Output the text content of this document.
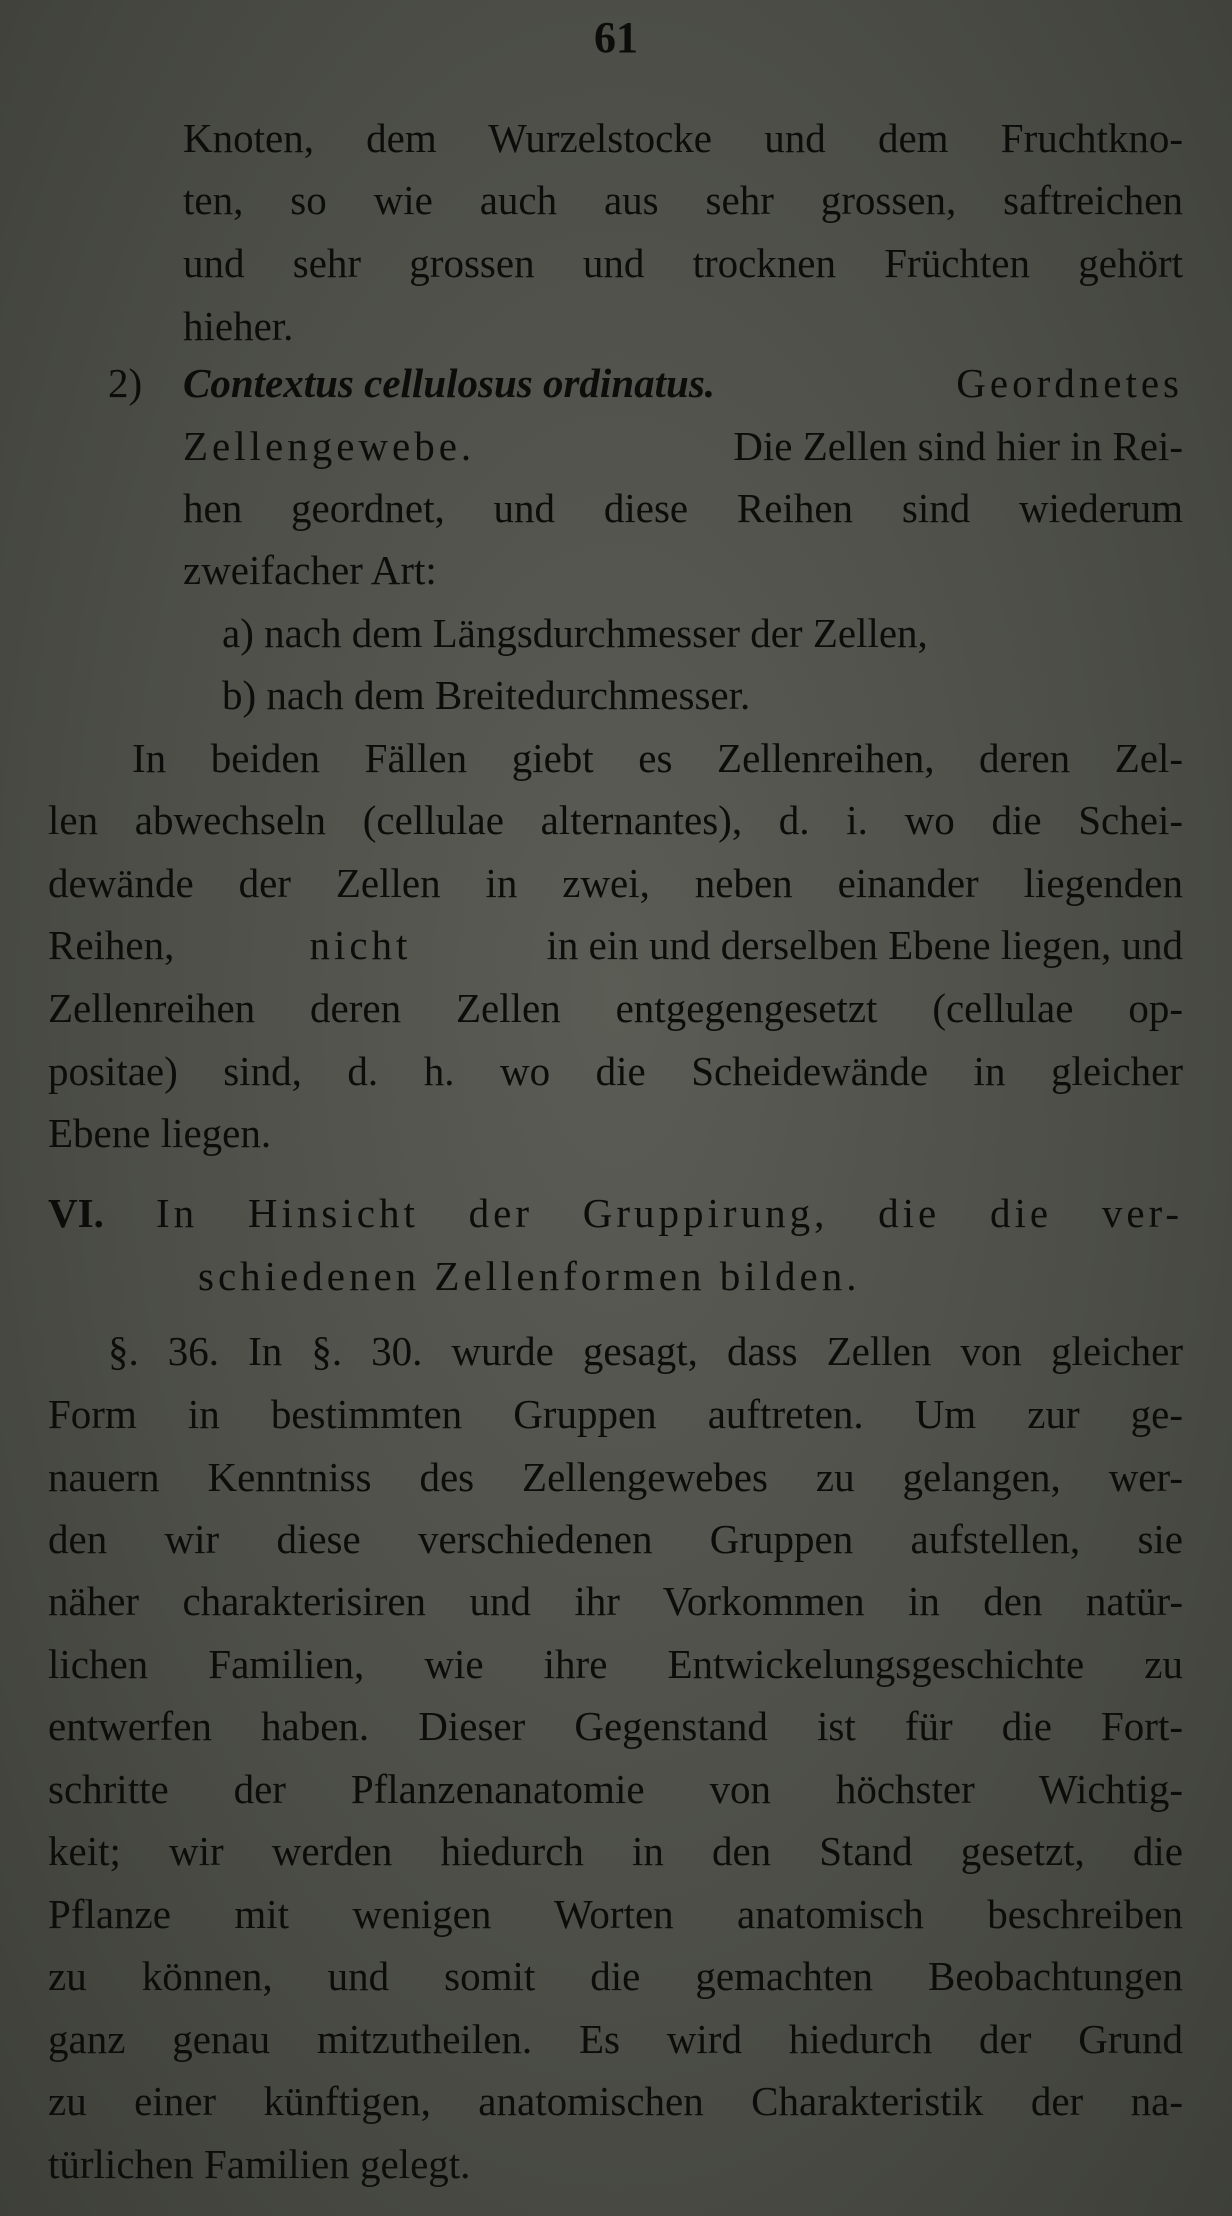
61
Knoten, dem Wurzelstocke und dem Fruchtkno-
ten, so wie auch aus sehr grossen, saftreichen
und sehr grossen und trocknen Früchten gehört
hieher.
2) Contextus cellulosus ordinatus.	Geordnetes
Zellengewebe.	Die Zellen sind hier in Rei-
hen geordnet, und diese Reihen sind wiederum
zweifacher Art:
a) nach dem Längsdurchmesser der Zellen,
b) nach dem Breitedurchmesser.
In beiden Fällen giebt es Zellenreihen, deren Zel-
len abwechseln (cellulae alternantes), d. i. wo die Schei-
dewände der Zellen in zwei, neben einander liegenden
Reihen,	nicht	in ein und derselben Ebene liegen, und
Zellenreihen deren Zellen entgegengesetzt (cellulae op-
positae) sind, d. h. wo die Scheidewände in gleicher
Ebene liegen.
VI. In Hinsicht der Gruppirung, die die ver-
schiedenen Zellenformen bilden.
§. 36. In §. 30. wurde gesagt, dass Zellen von gleicher
Form in bestimmten Gruppen auftreten. Um zur ge-
nauern Kenntniss des Zellengewebes zu gelangen, wer-
den wir diese verschiedenen Gruppen aufstellen, sie
näher charakterisiren und ihr Vorkommen in den natür-
lichen Familien, wie ihre Entwickelungsgeschichte zu
entwerfen haben. Dieser Gegenstand ist für die Fort-
schritte der Pflanzenanatomie von höchster Wichtig-
keit; wir werden hiedurch in den Stand gesetzt, die
Pflanze mit wenigen Worten anatomisch beschreiben
zu können, und somit die gemachten Beobachtungen
ganz genau mitzutheilen. Es wird hiedurch der Grund
zu einer künftigen, anatomischen Charakteristik der na-
türlichen Familien gelegt.
